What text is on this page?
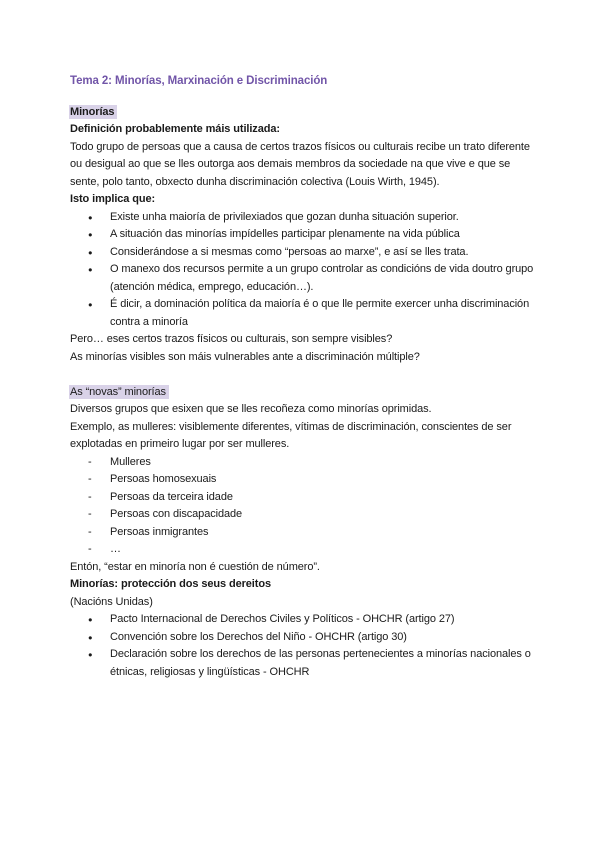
Tema 2: Minorías, Marxinación e Discriminación

Minorías

Definición probablemente máis utilizada:

Todo grupo de persoas que a causa de certos trazos físicos ou culturais recibe un trato diferente ou desigual ao que se lles outorga aos demais membros da sociedade na que vive e que se sente, polo tanto, obxecto dunha discriminación colectiva (Louis Wirth, 1945).

Isto implica que:

●	Existe unha maioría de privilexiados que gozan dunha situación superior.
●	A situación das minorías impídelles participar plenamente na vida pública
●	Considerándose a si mesmas como “persoas ao marxe”, e así se lles trata.
●	O manexo dos recursos permite a un grupo controlar as condicións de vida doutro grupo (atención médica, emprego, educación…).
●	É dicir, a dominación política da maioría é o que lle permite exercer unha discriminación contra a minoría

Pero… eses certos trazos físicos ou culturais, son sempre visibles?

As minorías visibles son máis vulnerables ante a discriminación múltiple?

As “novas” minorías

Diversos grupos que esixen que se lles recoñeza como minorías oprimidas.

Exemplo, as mulleres: visiblemente diferentes, vítimas de discriminación, conscientes de ser explotadas en primeiro lugar por ser mulleres.

-	Mulleres
-	Persoas homosexuais
-	Persoas da terceira idade
-	Persoas con discapacidade
-	Persoas inmigrantes
-	…

Entón, “estar en minoría non é cuestión de número”.

Minorías: protección dos seus dereitos

(Nacións Unidas)

●	Pacto Internacional de Derechos Civiles y Políticos - OHCHR (artigo 27)
●	Convención sobre los Derechos del Niño - OHCHR (artigo 30)
●	Declaración sobre los derechos de las personas pertenecientes a minorías nacionales o étnicas, religiosas y lingüísticas - OHCHR
